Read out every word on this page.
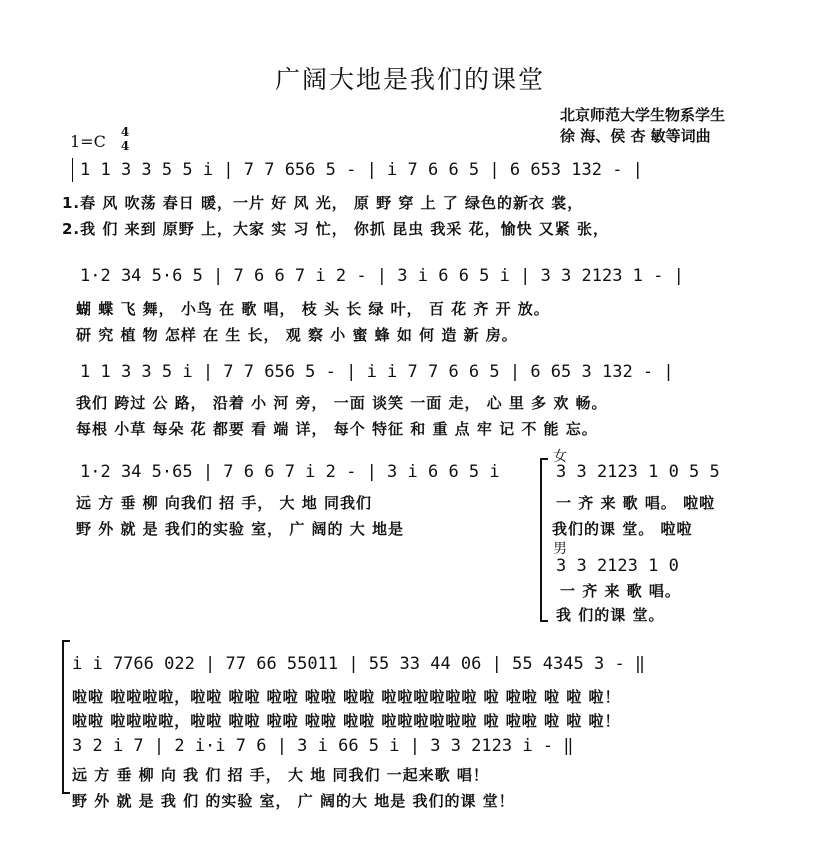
广阔大地是我们的课堂
北京师范大学生物系学生
徐 海、侯 杏 敏等词曲
1=C 4
4
1 1 3 3 5 5 i | 7 7 656 5 - | i 7 6 6 5 | 6 653 132 - |
1.春 风 吹荡 春日 暖，一片 好 风 光， 原 野 穿 上 了 绿色的新衣 裳，
2.我 们 来到 原野 上，大家 实 习 忙， 你抓 昆虫 我采 花，愉快 又紧 张，
1·2 34 5·6 5 | 7 6 6 7 i 2 - | 3 i 6 6 5 i | 3 3 2123 1 - |
蝴 蝶 飞 舞， 小鸟 在 歌 唱， 枝 头 长 绿 叶， 百 花 齐 开 放。
研 究 植 物 怎样 在 生 长， 观 察 小 蜜 蜂 如 何 造 新 房。
1 1 3 3 5 i | 7 7 656 5 - | i i 7 7 6 6 5 | 6 65 3 132 - |
我们 跨过 公 路， 沿着 小 河 旁， 一面 谈笑 一面 走， 心 里 多 欢 畅。
每根 小草 每朵 花 都要 看 端 详， 每个 特征 和 重 点 牢 记 不 能 忘。
1·2 34 5·65 | 7 6 6 7 i 2 - | 3 i 6 6 5 i
远 方 垂 柳 向我们 招 手， 大 地 同我们
野 外 就 是 我们的实验 室， 广 阔的 大 地是
女
3 3 2123 1 0 5 5
一 齐 来 歌 唱。 啦啦
我们的课 堂。 啦啦
男
3 3 2123 1 0
一 齐 来 歌 唱。
我 们的课 堂。
i i 7766 022 | 77 66 55011 | 55 33 44 06 | 55 4345 3 - ‖
啦啦 啦啦啦啦，啦啦 啦啦 啦啦 啦啦 啦啦 啦啦啦啦啦啦 啦 啦啦 啦 啦 啦！
啦啦 啦啦啦啦，啦啦 啦啦 啦啦 啦啦 啦啦 啦啦啦啦啦啦 啦 啦啦 啦 啦 啦！
3 2 i 7 | 2 i·i 7 6 | 3 i 66 5 i | 3 3 2123 i - ‖
远 方 垂 柳 向 我 们 招 手， 大 地 同我们 一起来歌 唱！
野 外 就 是 我 们 的实验 室， 广 阔的大 地是 我们的课 堂！
